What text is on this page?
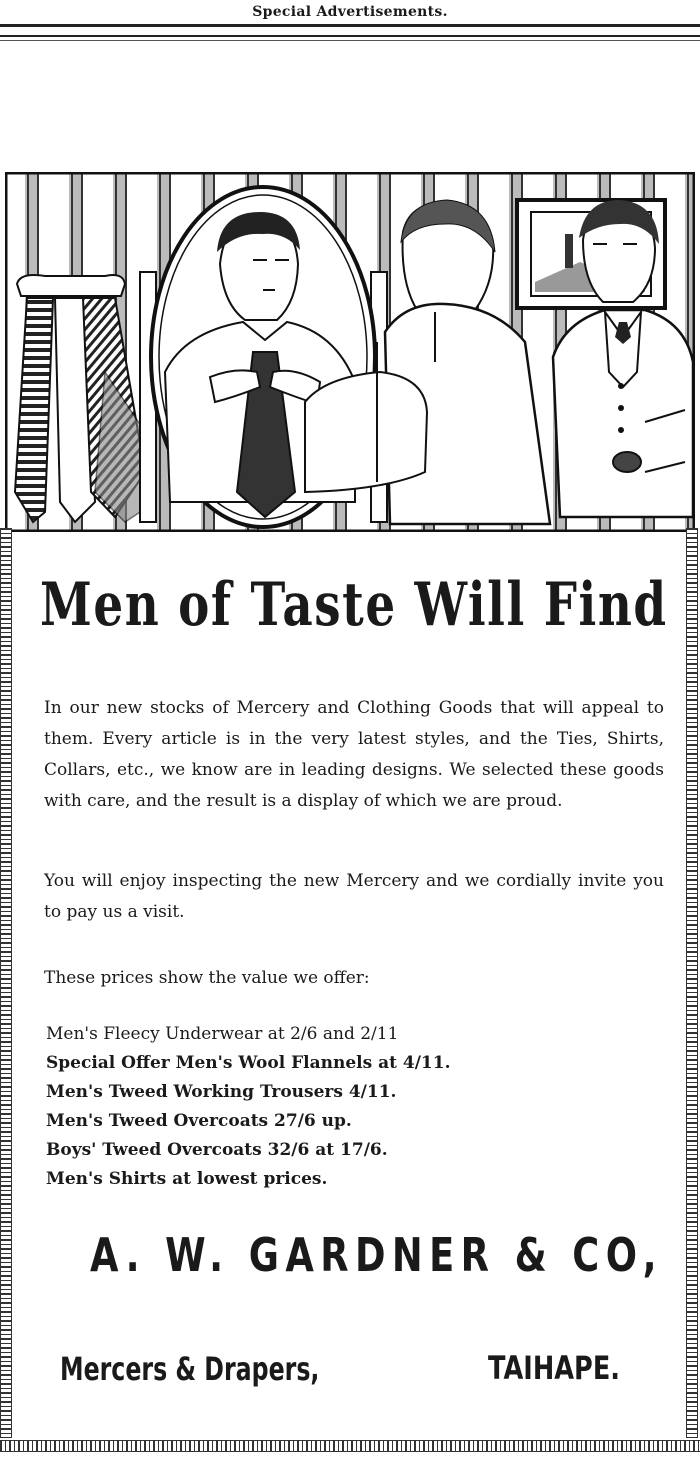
Special Advertisements.
Men of Taste Will Find
In our new stocks of Mercery and Clothing Goods that will appeal to them. Every article is in the very latest styles, and the Ties, Shirts, Collars, etc., we know are in leading designs. We selected these goods with care, and the result is a display of which we are proud.
You will enjoy inspecting the new Mercery and we cordially invite you to pay us a visit.
These prices show the value we offer:
Men's Fleecy Underwear at 2/6 and 2/11
Special Offer Men's Wool Flannels at 4/11.
Men's Tweed Working Trousers 4/11.
Men's Tweed Overcoats 27/6 up.
Boys' Tweed Overcoats 32/6 at 17/6.
Men's Shirts at lowest prices.
A. W. GARDNER & CO,
Mercers & Drapers,	TAIHAPE.
